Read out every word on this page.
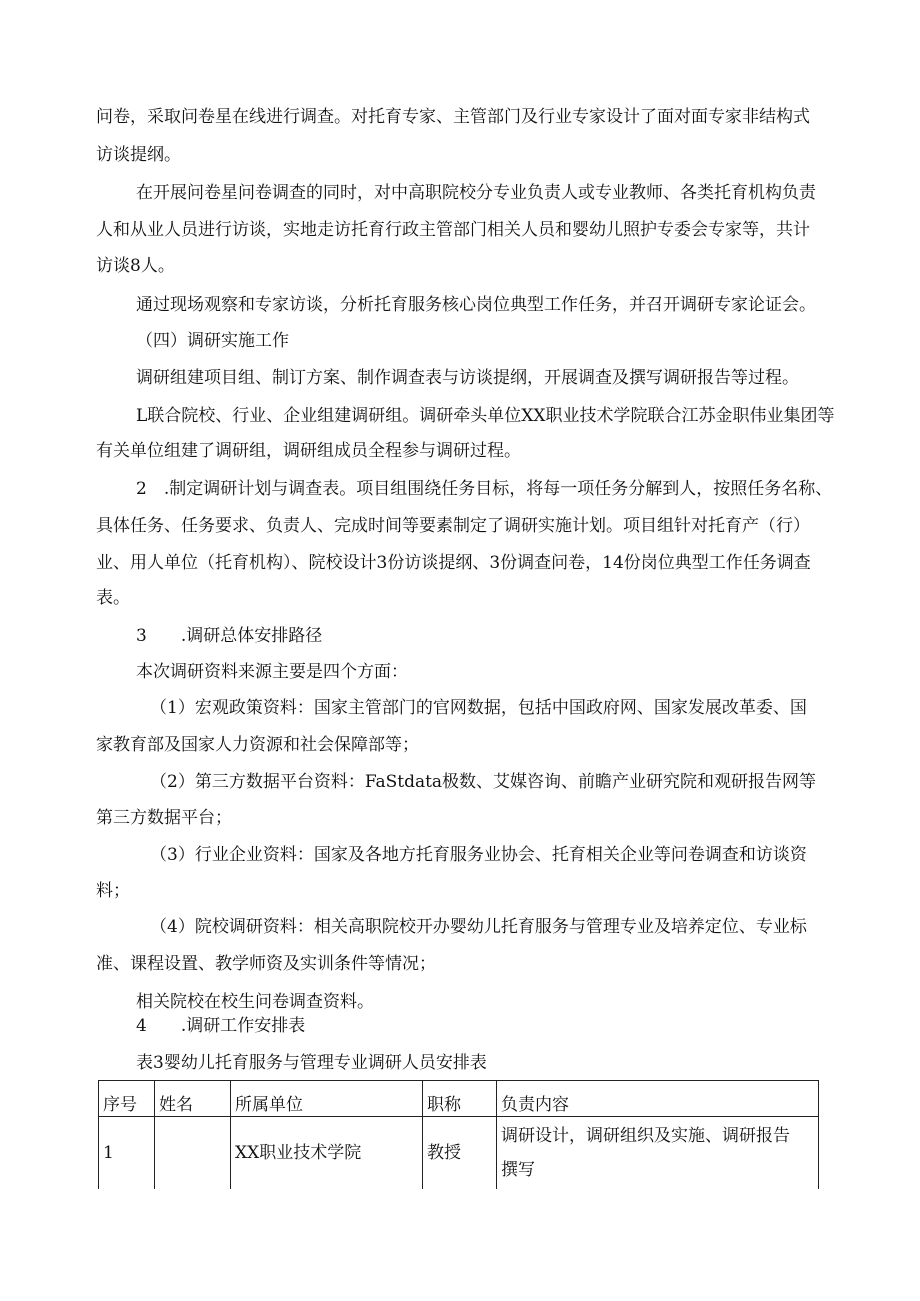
问卷，采取问卷星在线进行调查。对托育专家、主管部门及行业专家设计了面对面专家非结构式
访谈提纲。
在开展问卷星问卷调查的同时，对中高职院校分专业负责人或专业教师、各类托育机构负责
人和从业人员进行访谈，实地走访托育行政主管部门相关人员和婴幼儿照护专委会专家等，共计
访谈8人。
通过现场观察和专家访谈，分析托育服务核心岗位典型工作任务，并召开调研专家论证会。
（四）调研实施工作
调研组建项目组、制订方案、制作调查表与访谈提纲，开展调查及撰写调研报告等过程。
L联合院校、行业、企业组建调研组。调研牵头单位XX职业技术学院联合江苏金职伟业集团等
有关单位组建了调研组，调研组成员全程参与调研过程。
2　.制定调研计划与调查表。项目组围绕任务目标，将每一项任务分解到人，按照任务名称、
具体任务、任务要求、负责人、完成时间等要素制定了调研实施计划。项目组针对托育产（行）
业、用人单位（托育机构）、院校设计3份访谈提纲、3份调查问卷，14份岗位典型工作任务调查
表。
3　　.调研总体安排路径
本次调研资料来源主要是四个方面：
（1）宏观政策资料：国家主管部门的官网数据，包括中国政府网、国家发展改革委、国
家教育部及国家人力资源和社会保障部等；
（2）第三方数据平台资料：FaStdata极数、艾媒咨询、前瞻产业研究院和观研报告网等
第三方数据平台；
（3）行业企业资料：国家及各地方托育服务业协会、托育相关企业等问卷调查和访谈资
料；
（4）院校调研资料：相关高职院校开办婴幼儿托育服务与管理专业及培养定位、专业标
准、课程设置、教学师资及实训条件等情况；
相关院校在校生问卷调查资料。
4　　.调研工作安排表
表3婴幼儿托育服务与管理专业调研人员安排表
序号	姓名	所属单位	职称	负责内容
1		XX职业技术学院	教授	调研设计，调研组织及实施、调研报告
撰写
